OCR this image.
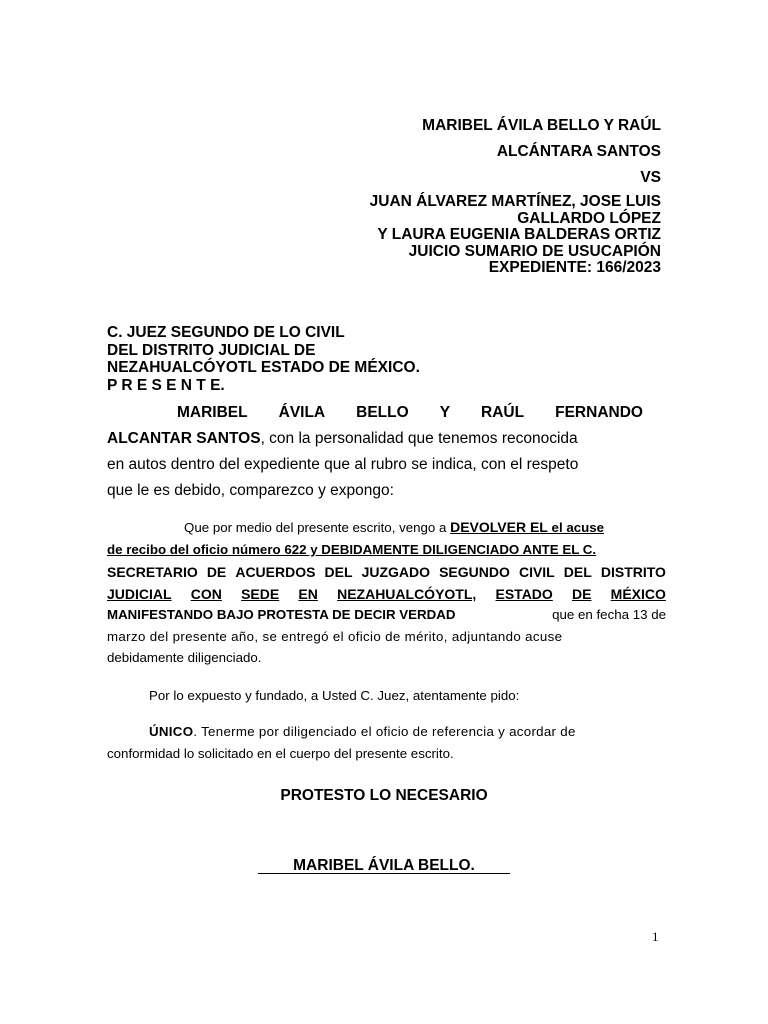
MARIBEL ÁVILA BELLO Y RAÚL
ALCÁNTARA SANTOS
VS
JUAN ÁLVAREZ MARTÍNEZ, JOSE LUIS
GALLARDO LÓPEZ
Y LAURA EUGENIA BALDERAS ORTIZ
JUICIO SUMARIO DE USUCAPIÓN
EXPEDIENTE: 166/2023
C. JUEZ SEGUNDO DE LO CIVIL
DEL DISTRITO JUDICIAL DE
NEZAHUALCÓYOTL ESTADO DE MÉXICO.
P R E S E N T E.
MARIBEL ÁVILA BELLO Y RAÚL FERNANDO
ALCANTAR SANTOS, con la personalidad que tenemos reconocida
en autos dentro del expediente que al rubro se indica, con el respeto
que le es debido, comparezco y expongo:
Que por medio del presente escrito, vengo a DEVOLVER EL el acuse
de recibo del oficio número 622 y DEBIDAMENTE DILIGENCIADO ANTE EL C.
SECRETARIO DE ACUERDOS DEL JUZGADO SEGUNDO CIVIL DEL DISTRITO
JUDICIAL CON SEDE EN NEZAHUALCÓYOTL, ESTADO DE MÉXICO
MANIFESTANDO BAJO PROTESTA DE DECIR VERDAD	que en fecha 13 de
marzo del presente año, se entregó el oficio de mérito, adjuntando acuse
debidamente diligenciado.
Por lo expuesto y fundado, a Usted C. Juez, atentamente pido:
ÚNICO. Tenerme por diligenciado el oficio de referencia y acordar de
conformidad lo solicitado en el cuerpo del presente escrito.
PROTESTO LO NECESARIO
MARIBEL ÁVILA BELLO.
1
